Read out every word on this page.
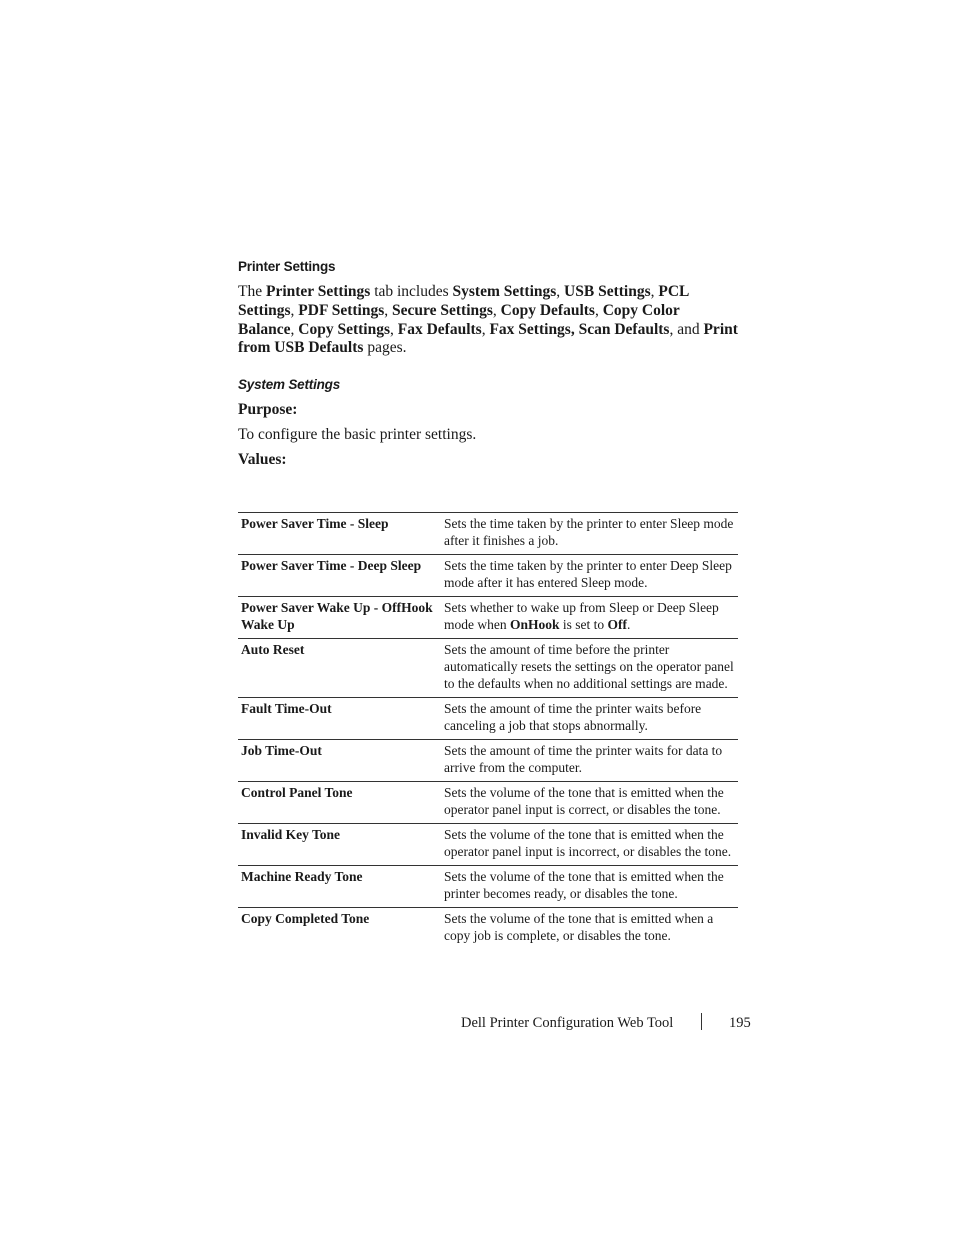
Printer Settings

The Printer Settings tab includes System Settings, USB Settings, PCL Settings, PDF Settings, Secure Settings, Copy Defaults, Copy Color Balance, Copy Settings, Fax Defaults, Fax Settings, Scan Defaults, and Print from USB Defaults pages.

System Settings
Purpose:
To configure the basic printer settings.
Values:
Power Saver Time - Sleep	Sets the time taken by the printer to enter Sleep mode after it finishes a job.
Power Saver Time - Deep Sleep	Sets the time taken by the printer to enter Deep Sleep mode after it has entered Sleep mode.
Power Saver Wake Up - OffHook Wake Up	Sets whether to wake up from Sleep or Deep Sleep mode when OnHook is set to Off.
Auto Reset	Sets the amount of time before the printer automatically resets the settings on the operator panel to the defaults when no additional settings are made.
Fault Time-Out	Sets the amount of time the printer waits before canceling a job that stops abnormally.
Job Time-Out	Sets the amount of time the printer waits for data to arrive from the computer.
Control Panel Tone	Sets the volume of the tone that is emitted when the operator panel input is correct, or disables the tone.
Invalid Key Tone	Sets the volume of the tone that is emitted when the operator panel input is incorrect, or disables the tone.
Machine Ready Tone	Sets the volume of the tone that is emitted when the printer becomes ready, or disables the tone.
Copy Completed Tone	Sets the volume of the tone that is emitted when a copy job is complete, or disables the tone.
Dell Printer Configuration Web Tool	195
